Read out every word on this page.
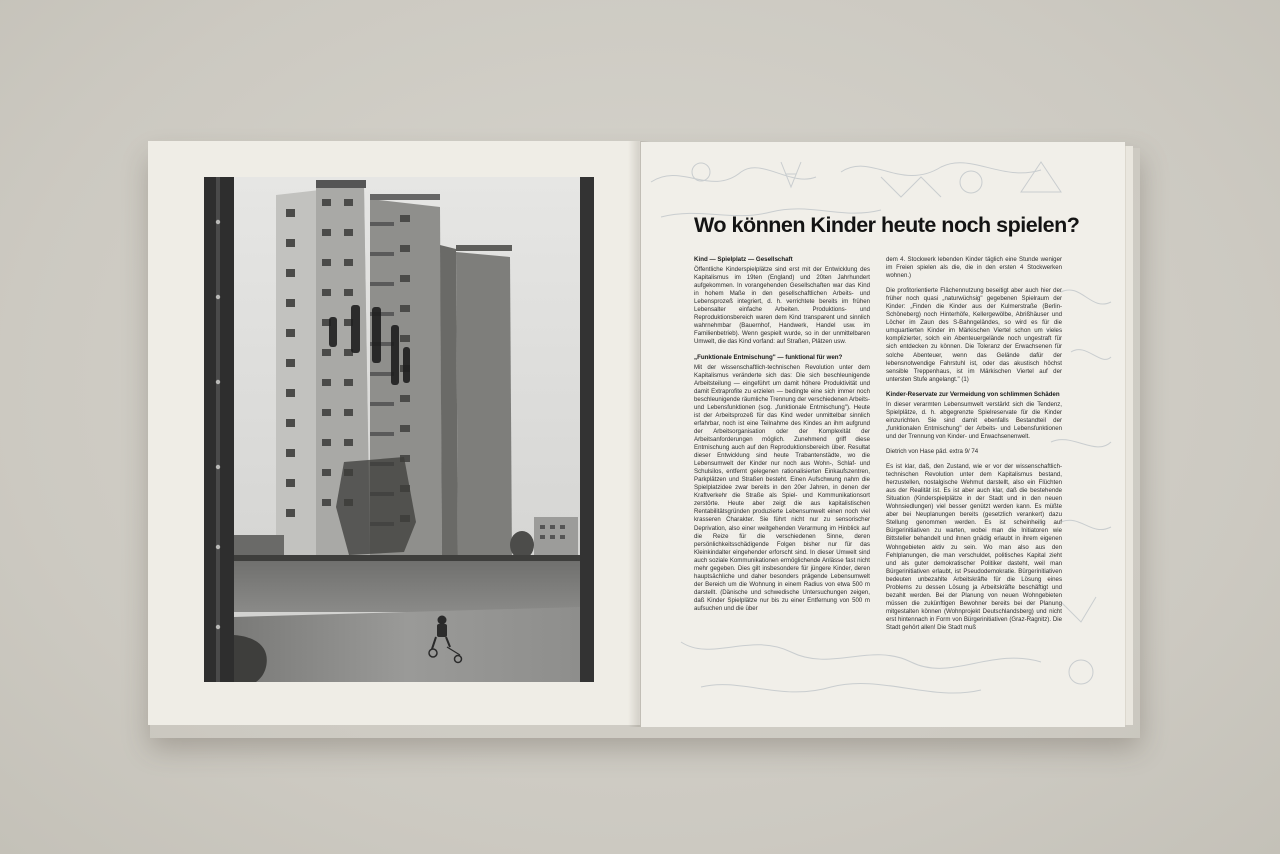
Wo können Kinder heute noch spielen?
Kind — Spielplatz — Gesellschaft

Öffentliche Kinderspielplätze sind erst mit der Entwicklung des Kapitalismus im 19ten (England) und 20ten Jahrhundert aufgekommen. In vorangehenden Gesellschaften war das Kind in hohem Maße in den gesellschaftlichen Arbeits- und Lebensprozeß integriert, d. h. verrichtete bereits im frühen Lebensalter einfache Arbeiten. Produktions- und Reproduktionsbereich waren dem Kind transparent und sinnlich wahrnehmbar (Bauernhof, Handwerk, Handel usw. im Familienbetrieb). Wenn gespielt wurde, so in der unmittelbaren Umwelt, die das Kind vorfand: auf Straßen, Plätzen usw.

„Funktionale Entmischung" — funktional für wen?

Mit der wissenschaftlich-technischen Revolution unter dem Kapitalismus veränderte sich das: Die sich beschleunigende Arbeitsteilung — eingeführt um damit höhere Produktivität und damit Extraprofite zu erzielen — bedingte eine sich immer noch beschleunigende räumliche Trennung der verschiedenen Arbeits- und Lebensfunktionen (sog. „funktionale Entmischung"). Heute ist der Arbeitsprozeß für das Kind weder unmittelbar sinnlich erfahrbar, noch ist eine Teilnahme des Kindes an ihm aufgrund der Arbeitsorganisation oder der Komplexität der Arbeitsanforderungen möglich. Zunehmend griff diese Entmischung auch auf den Reproduktionsbereich über. Resultat dieser Entwicklung sind heute Trabantenstädte, wo die Lebensumwelt der Kinder nur noch aus Wohn-, Schlaf- und Schulsilos, entfernt gelegenen rationalisierten Einkaufszentren, Parkplätzen und Straßen besteht. Einen Aufschwung nahm die Spielplatzidee zwar bereits in den 20er Jahren, in denen der Kraftverkehr die Straße als Spiel- und Kommunikationsort zerstörte. Heute aber zeigt die aus kapitalistischen Rentabilitätsgründen produzierte Lebensumwelt einen noch viel krasseren Charakter. Sie führt nicht nur zu sensorischer Deprivation, also einer weitgehenden Verarmung im Hinblick auf die Reize für die verschiedenen Sinne, deren persönlichkeitsschädigende Folgen bisher nur für das Kleinkindalter eingehender erforscht sind. In dieser Umwelt sind auch soziale Kommunikationen ermöglichende Anlässe fast nicht mehr gegeben. Dies gilt insbesondere für jüngere Kinder, deren hauptsächliche und daher besonders prägende Lebensumwelt der Bereich um die Wohnung in einem Radius von etwa 500 m darstellt. (Dänische und schwedische Untersuchungen zeigen, daß Kinder Spielplätze nur bis zu einer Entfernung von 500 m aufsuchen und die über

dem 4. Stockwerk lebenden Kinder täglich eine Stunde weniger im Freien spielen als die, die in den ersten 4 Stockwerken wohnen.)

Die profitorientierte Flächennutzung beseitigt aber auch hier der früher noch quasi „naturwüchsig" gegebenen Spielraum der Kinder: „Finden die Kinder aus der Kulmerstraße (Berlin-Schöneberg) noch Hinterhöfe, Kellergewölbe, Abrißhäuser und Löcher im Zaun des S-Bahngeländes, so wird es für die umquartierten Kinder im Märkischen Viertel schon um vieles komplizierter, solch ein Abenteuergelände noch ungestraft für sich entdecken zu können. Die Toleranz der Erwachsenen für solche Abenteuer, wenn das Gelände dafür der lebensnotwendige Fahrstuhl ist, oder das akustisch höchst sensible Treppenhaus, ist im Märkischen Viertel auf der untersten Stufe angelangt." (1)

Kinder-Reservate zur Vermeidung von schlimmen Schäden

In dieser verarmten Lebensumwelt verstärkt sich die Tendenz, Spielplätze, d. h. abgegrenzte Spielreservate für die Kinder einzurichten. Sie sind damit ebenfalls Bestandteil der „funktionalen Entmischung" der Arbeits- und Lebensfunktionen und der Trennung von Kinder- und Erwachsenenwelt.

Dietrich von Hase päd. extra 9/ 74

Es ist klar, daß, den Zustand, wie er vor der wissenschaftlich-technischen Revolution unter dem Kapitalismus bestand, herzustellen, nostalgische Wehmut darstellt, also ein Flüchten aus der Realität ist. Es ist aber auch klar, daß die bestehende Situation (Kinderspielplätze in der Stadt und in den neuen Wohnsiedlungen) viel besser genützt werden kann. Es müßte aber bei Neuplanungen bereits (gesetzlich verankert) dazu Stellung genommen werden. Es ist scheinheilig auf Bürgerinitiativen zu warten, wobei man die Initiatoren wie Bittsteller behandelt und ihnen gnädig erlaubt in ihrem eigenen Wohngebieten aktiv zu sein. Wo man also aus den Fehlplanungen, die man verschuldet, politisches Kapital zieht und als guter demokratischer Politiker dasteht, weil man Bürgerinitiativen erlaubt, ist Pseudodemokratie. Bürgerinitiativen bedeuten unbezahlte Arbeitskräfte für die Lösung eines Problems zu dessen Lösung ja Arbeitskräfte beschäftigt und bezahlt werden. Bei der Planung von neuen Wohngebieten müssen die zukünftigen Bewohner bereits bei der Planung mitgestalten können (Wohnprojekt Deutschlandsberg) und nicht erst hintennach in Form von Bürgerinitiativen (Graz-Ragnitz). Die Stadt gehört allen! Die Stadt muß
